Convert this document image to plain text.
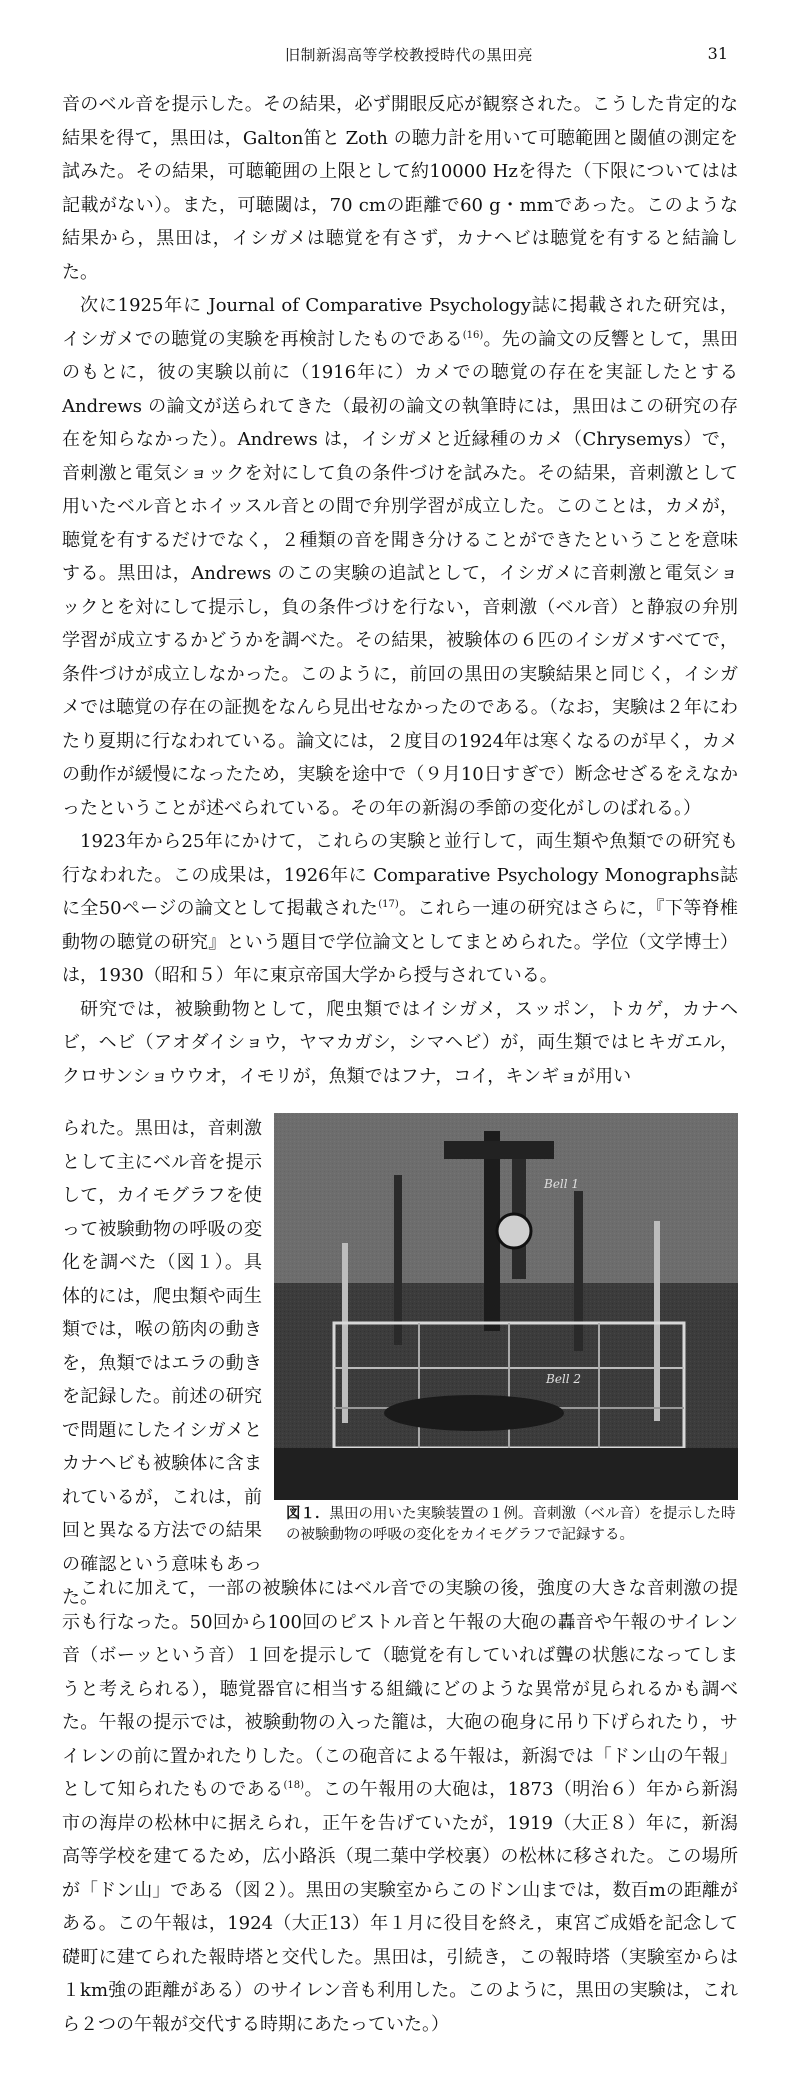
旧制新潟高等学校教授時代の黒田亮	31

音のベル音を提示した。その結果，必ず開眼反応が観察された。こうした肯定的な結果を得て，黒田は，Galton笛と Zoth の聴力計を用いて可聴範囲と閾値の測定を試みた。その結果，可聴範囲の上限として約10000 Hzを得た（下限についてはは記載がない）。また，可聴閾は，70 cmの距離で60 g・mmであった。このような結果から，黒田は，イシガメは聴覚を有さず，カナヘビは聴覚を有すると結論した。

次に1925年に Journal of Comparative Psychology誌に掲載された研究は，イシガメでの聴覚の実験を再検討したものである$^{(16)}$。先の論文の反響として，黒田のもとに，彼の実験以前に（1916年に）カメでの聴覚の存在を実証したとする Andrews の論文が送られてきた（最初の論文の執筆時には，黒田はこの研究の存在を知らなかった）。Andrews は，イシガメと近縁種のカメ（Chrysemys）で，音刺激と電気ショックを対にして負の条件づけを試みた。その結果，音刺激として用いたベル音とホイッスル音との間で弁別学習が成立した。このことは，カメが，聴覚を有するだけでなく，２種類の音を聞き分けることができたということを意味する。黒田は，Andrews のこの実験の追試として，イシガメに音刺激と電気ショックとを対にして提示し，負の条件づけを行ない，音刺激（ベル音）と静寂の弁別学習が成立するかどうかを調べた。その結果，被験体の６匹のイシガメすべてで，条件づけが成立しなかった。このように，前回の黒田の実験結果と同じく，イシガメでは聴覚の存在の証拠をなんら見出せなかったのである。（なお，実験は２年にわたり夏期に行なわれている。論文には，２度目の1924年は寒くなるのが早く，カメの動作が緩慢になったため，実験を途中で（９月10日すぎで）断念せざるをえなかったということが述べられている。その年の新潟の季節の変化がしのばれる。）

1923年から25年にかけて，これらの実験と並行して，両生類や魚類での研究も行なわれた。この成果は，1926年に Comparative Psychology Monographs誌に全50ページの論文として掲載された$^{(17)}$。これら一連の研究はさらに，『下等脊椎動物の聴覚の研究』という題目で学位論文としてまとめられた。学位（文学博士）は，1930（昭和５）年に東京帝国大学から授与されている。

研究では，被験動物として，爬虫類ではイシガメ，スッポン，トカゲ，カナヘビ，ヘビ（アオダイショウ，ヤマカガシ，シマヘビ）が，両生類ではヒキガエル，クロサンショウウオ，イモリが，魚類ではフナ，コイ，キンギョが用い

られた。黒田は，音刺激として主にベル音を提示して，カイモグラフを使って被験動物の呼吸の変化を調べた（図１）。具体的には，爬虫類や両生類では，喉の筋肉の動きを，魚類ではエラの動きを記録した。前述の研究で問題にしたイシガメとカナヘビも被験体に含まれているが，これは，前回と異なる方法での結果の確認という意味もあった。

Bell 1
Bell 2
図１．黒田の用いた実験装置の１例。音刺激（ベル音）を提示した時の被験動物の呼吸の変化をカイモグラフで記録する。

これに加えて，一部の被験体にはベル音での実験の後，強度の大きな音刺激の提示も行なった。50回から100回のピストル音と午報の大砲の轟音や午報のサイレン音（ボーッという音）１回を提示して（聴覚を有していれば聾の状態になってしまうと考えられる），聴覚器官に相当する組織にどのような異常が見られるかも調べた。午報の提示では，被験動物の入った籠は，大砲の砲身に吊り下げられたり，サイレンの前に置かれたりした。（この砲音による午報は，新潟では「ドン山の午報」として知られたものである$^{(18)}$。この午報用の大砲は，1873（明治６）年から新潟市の海岸の松林中に据えられ，正午を告げていたが，1919（大正８）年に，新潟高等学校を建てるため，広小路浜（現二葉中学校裏）の松林に移された。この場所が「ドン山」である（図２）。黒田の実験室からこのドン山までは，数百mの距離がある。この午報は，1924（大正13）年１月に役目を終え，東宮ご成婚を記念して礎町に建てられた報時塔と交代した。黒田は，引続き，この報時塔（実験室からは１km強の距離がある）のサイレン音も利用した。このように，黒田の実験は，これら２つの午報が交代する時期にあたっていた。）
